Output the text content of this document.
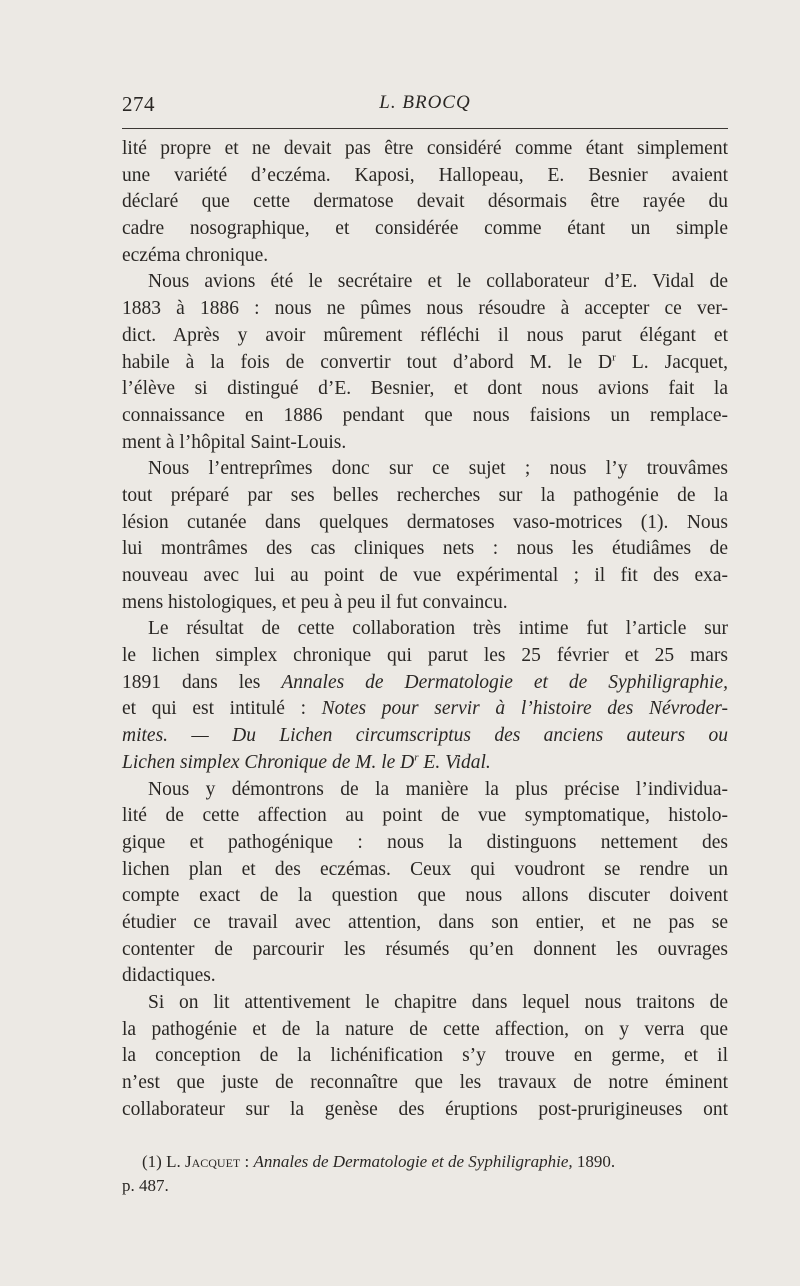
274	L. BROCQ
lité propre et ne devait pas être considéré comme étant simplement
une variété d’eczéma. Kaposi, Hallopeau, E. Besnier avaient
déclaré que cette dermatose devait désormais être rayée du
cadre nosographique, et considérée comme étant un simple
eczéma chronique.
Nous avions été le secrétaire et le collaborateur d’E. Vidal de
1883 à 1886 : nous ne pûmes nous résoudre à accepter ce ver-
dict. Après y avoir mûrement réfléchi il nous parut élégant et
habile à la fois de convertir tout d’abord M. le $D^r$ L. Jacquet,
l’élève si distingué d’E. Besnier, et dont nous avions fait la
connaissance en 1886 pendant que nous faisions un remplace-
ment à l’hôpital Saint-Louis.
Nous l’entreprîmes donc sur ce sujet ; nous l’y trouvâmes
tout préparé par ses belles recherches sur la pathogénie de la
lésion cutanée dans quelques dermatoses vaso-motrices (1). Nous
lui montrâmes des cas cliniques nets : nous les étudiâmes de
nouveau avec lui au point de vue expérimental ; il fit des exa-
mens histologiques, et peu à peu il fut convaincu.
Le résultat de cette collaboration très intime fut l’article sur
le lichen simplex chronique qui parut les 25 février et 25 mars
1891 dans les Annales de Dermatologie et de Syphiligraphie,
et qui est intitulé : Notes pour servir à l’histoire des Névroder-
mites. — Du Lichen circumscriptus des anciens auteurs ou
Lichen simplex Chronique de M. le $D^r$ E. Vidal.
Nous y démontrons de la manière la plus précise l’individua-
lité de cette affection au point de vue symptomatique, histolo-
gique et pathogénique : nous la distinguons nettement des
lichen plan et des eczémas. Ceux qui voudront se rendre un
compte exact de la question que nous allons discuter doivent
étudier ce travail avec attention, dans son entier, et ne pas se
contenter de parcourir les résumés qu’en donnent les ouvrages
didactiques.
Si on lit attentivement le chapitre dans lequel nous traitons de
la pathogénie et de la nature de cette affection, on y verra que
la conception de la lichénification s’y trouve en germe, et il
n’est que juste de reconnaître que les travaux de notre éminent
collaborateur sur la genèse des éruptions post-prurigineuses ont
(1) L. Jacquet : Annales de Dermatologie et de Syphiligraphie, 1890.
p. 487.
